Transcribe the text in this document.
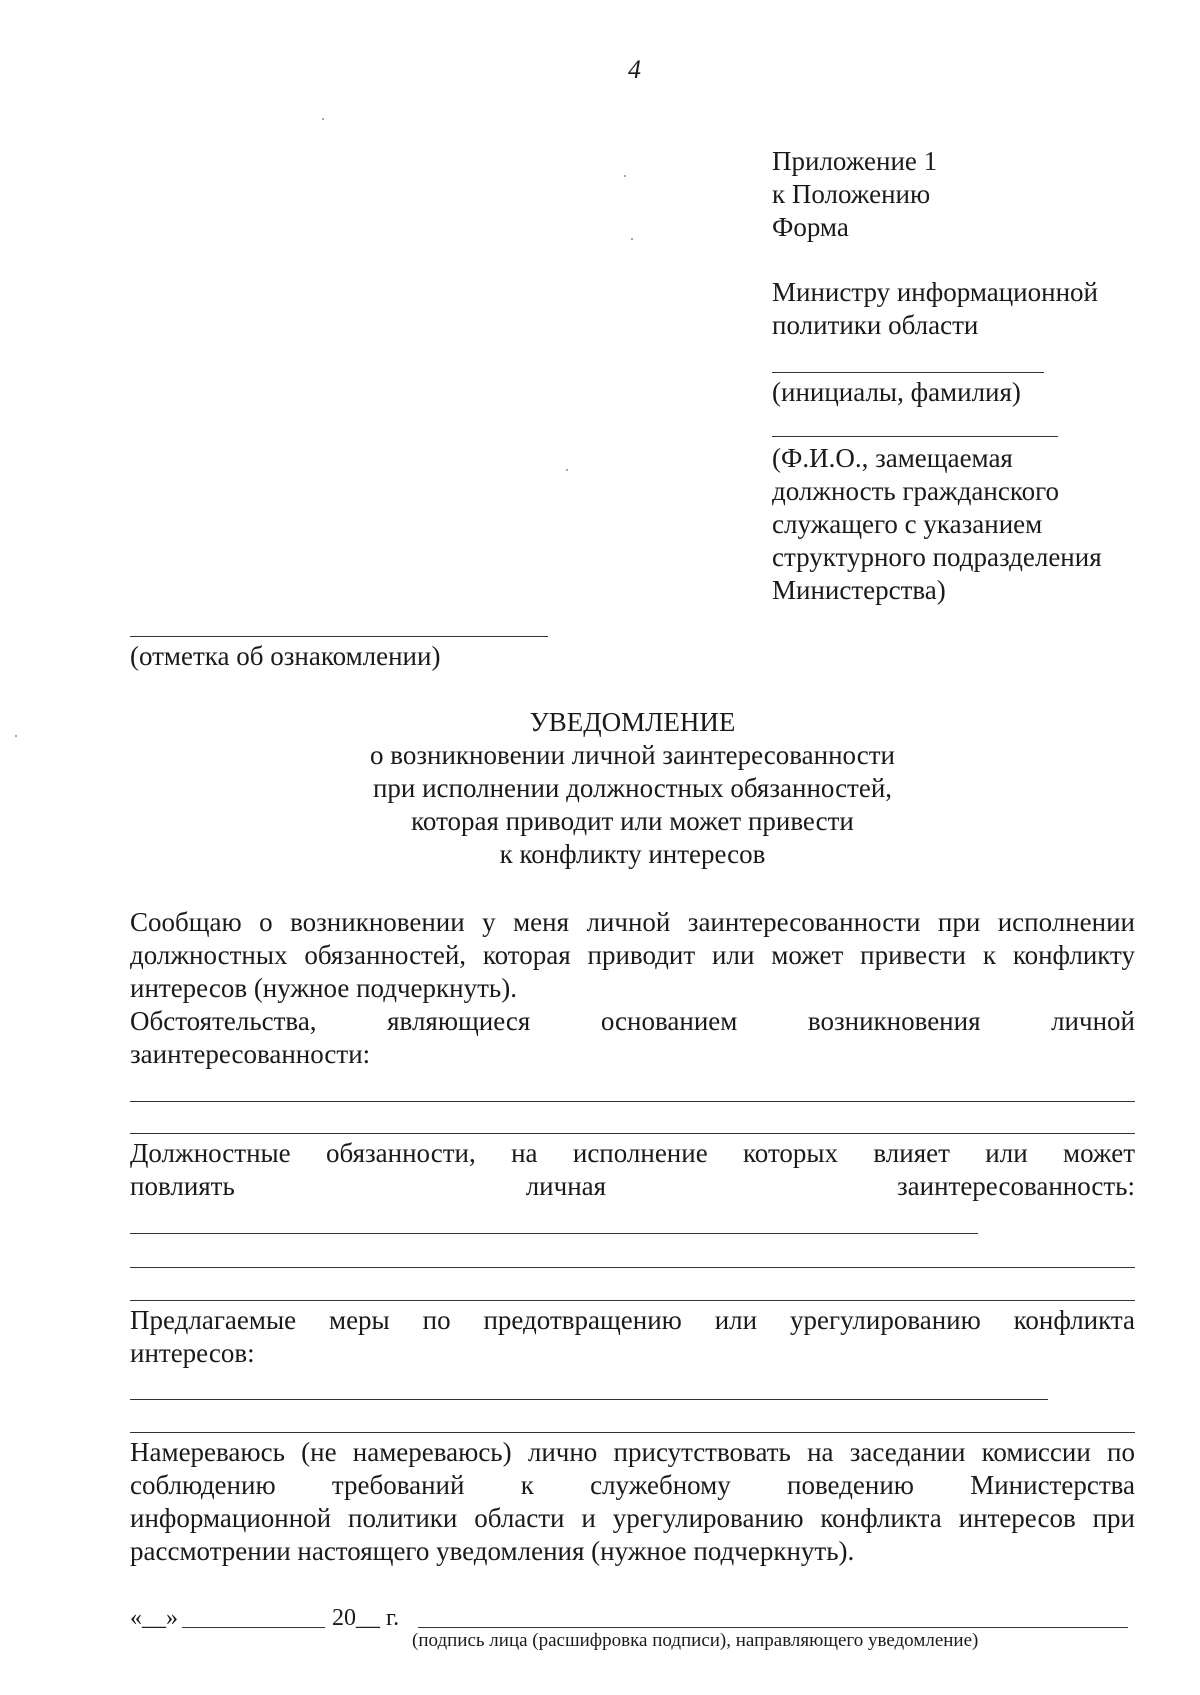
4
Приложение 1
к Положению
Форма
Министру информационной
политики области
(инициалы, фамилия)
(Ф.И.О., замещаемая
должность гражданского
служащего с указанием
структурного подразделения
Министерства)
(отметка об ознакомлении)
УВЕДОМЛЕНИЕ
о возникновении личной заинтересованности
при исполнении должностных обязанностей,
которая приводит или может привести
к конфликту интересов
Сообщаю о возникновении у меня личной заинтересованности при исполнении
должностных обязанностей, которая приводит или может привести к конфликту
интересов (нужное подчеркнуть).
Обстоятельства, являющиеся основанием возникновения личной
заинтересованности:
Должностные обязанности, на исполнение которых влияет или может
повлиять личная заинтересованность:
Предлагаемые меры по предотвращению или урегулированию конфликта
интересов:
Намереваюсь (не намереваюсь) лично присутствовать на заседании комиссии по
соблюдению требований к служебному поведению Министерства
информационной политики области и урегулированию конфликта интересов при
рассмотрении настоящего уведомления (нужное подчеркнуть).
«__»	20__ г.
(подпись лица (расшифровка подписи), направляющего уведомление)
